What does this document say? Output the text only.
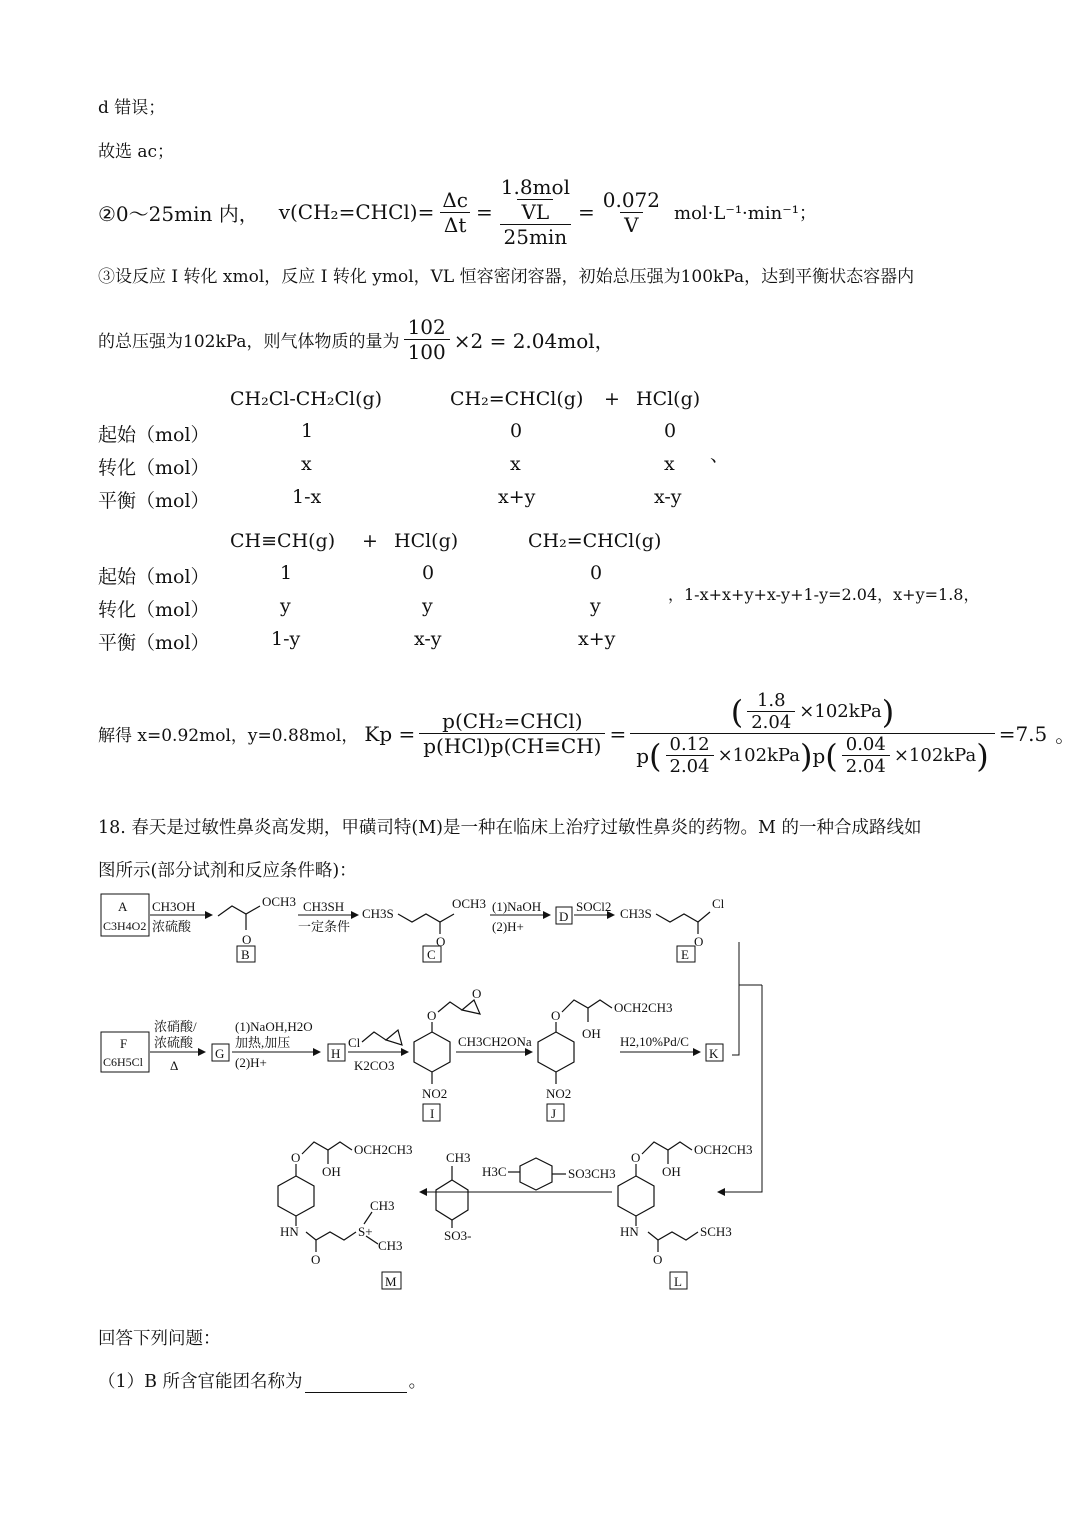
d 错误；
故选 ac；
②0～25min 内， v(CH₂=CHCl)= $\frac{\Delta c}{\Delta t} = 1.8mol$
VL
$25\min = \frac{0.072}{V} mol\cdot L^{-1}\cdot\min^{-1}$；
③设反应 I 转化 xmol，反应 I 转化 ymol，VL 恒容密闭容器，初始总压强为100kPa，达到平衡状态容器内
的总压强为102kPa，则气体物质的量为 $\frac{102}{100} \times 2 = 2.04mol$，
CH₂Cl-CH₂Cl(g)	CH₂=CHCl(g) + HCl(g)
起始（mol）	1	0	0
转化（mol）	x	x	x 、
平衡（mol）	1-x	x+y	x-y
CH≡CH(g) + HCl(g)	CH₂=CHCl(g)
起始（mol）	1	0	0
转化（mol）	y	y	y
，1-x+x+y+x-y+1-y=2.04，x+y=1.8，
平衡（mol）	1-y	x-y	x+y
解得 x=0.92mol，y=0.88mol， $Kp = \frac{\text{p(CH₂=CHCl)}}{\text{p(HCl)p(CH≡CH)}}$ =
( $\frac{1.8}{2.04} \times 102kPa$ )
p ( $\frac{0.12}{2.04} \times 102kPa$ ) p ( $\frac{0.04}{2.04} \times 102kPa$ )
=7.5 。
18. 春天是过敏性鼻炎高发期，甲磺司特(M)是一种在临床上治疗过敏性鼻炎的药物。M 的一种合成路线如
图所示(部分试剂和反应条件略)：
A
C3H4O2
CH3OH
浓硫酸
OCH3
O
B
CH3SH
一定条件
CH3S
OCH3
O
C
(1)NaOH
(2)H+
D
SOCl2 CH3S
Cl
O
E
F
C6H5Cl
浓硝酸/
浓硫酸
Δ
G
(1)NaOH,H2O
加热,加压
(2)H+
H
Cl
K2CO3
O
O
NO2
I
CH3CH2ONa
O
OCH2CH3
OH
NO2
J
H2,10%Pd/C
K
O
OCH2CH3
OH
HN	SCH3
O
L
H3C	SO3CH3
CH3
SO3-
O
OCH2CH3
OH
HN	S+
CH3
CH3
O
M
回答下列问题：
（1）B 所含官能团名称为	。
